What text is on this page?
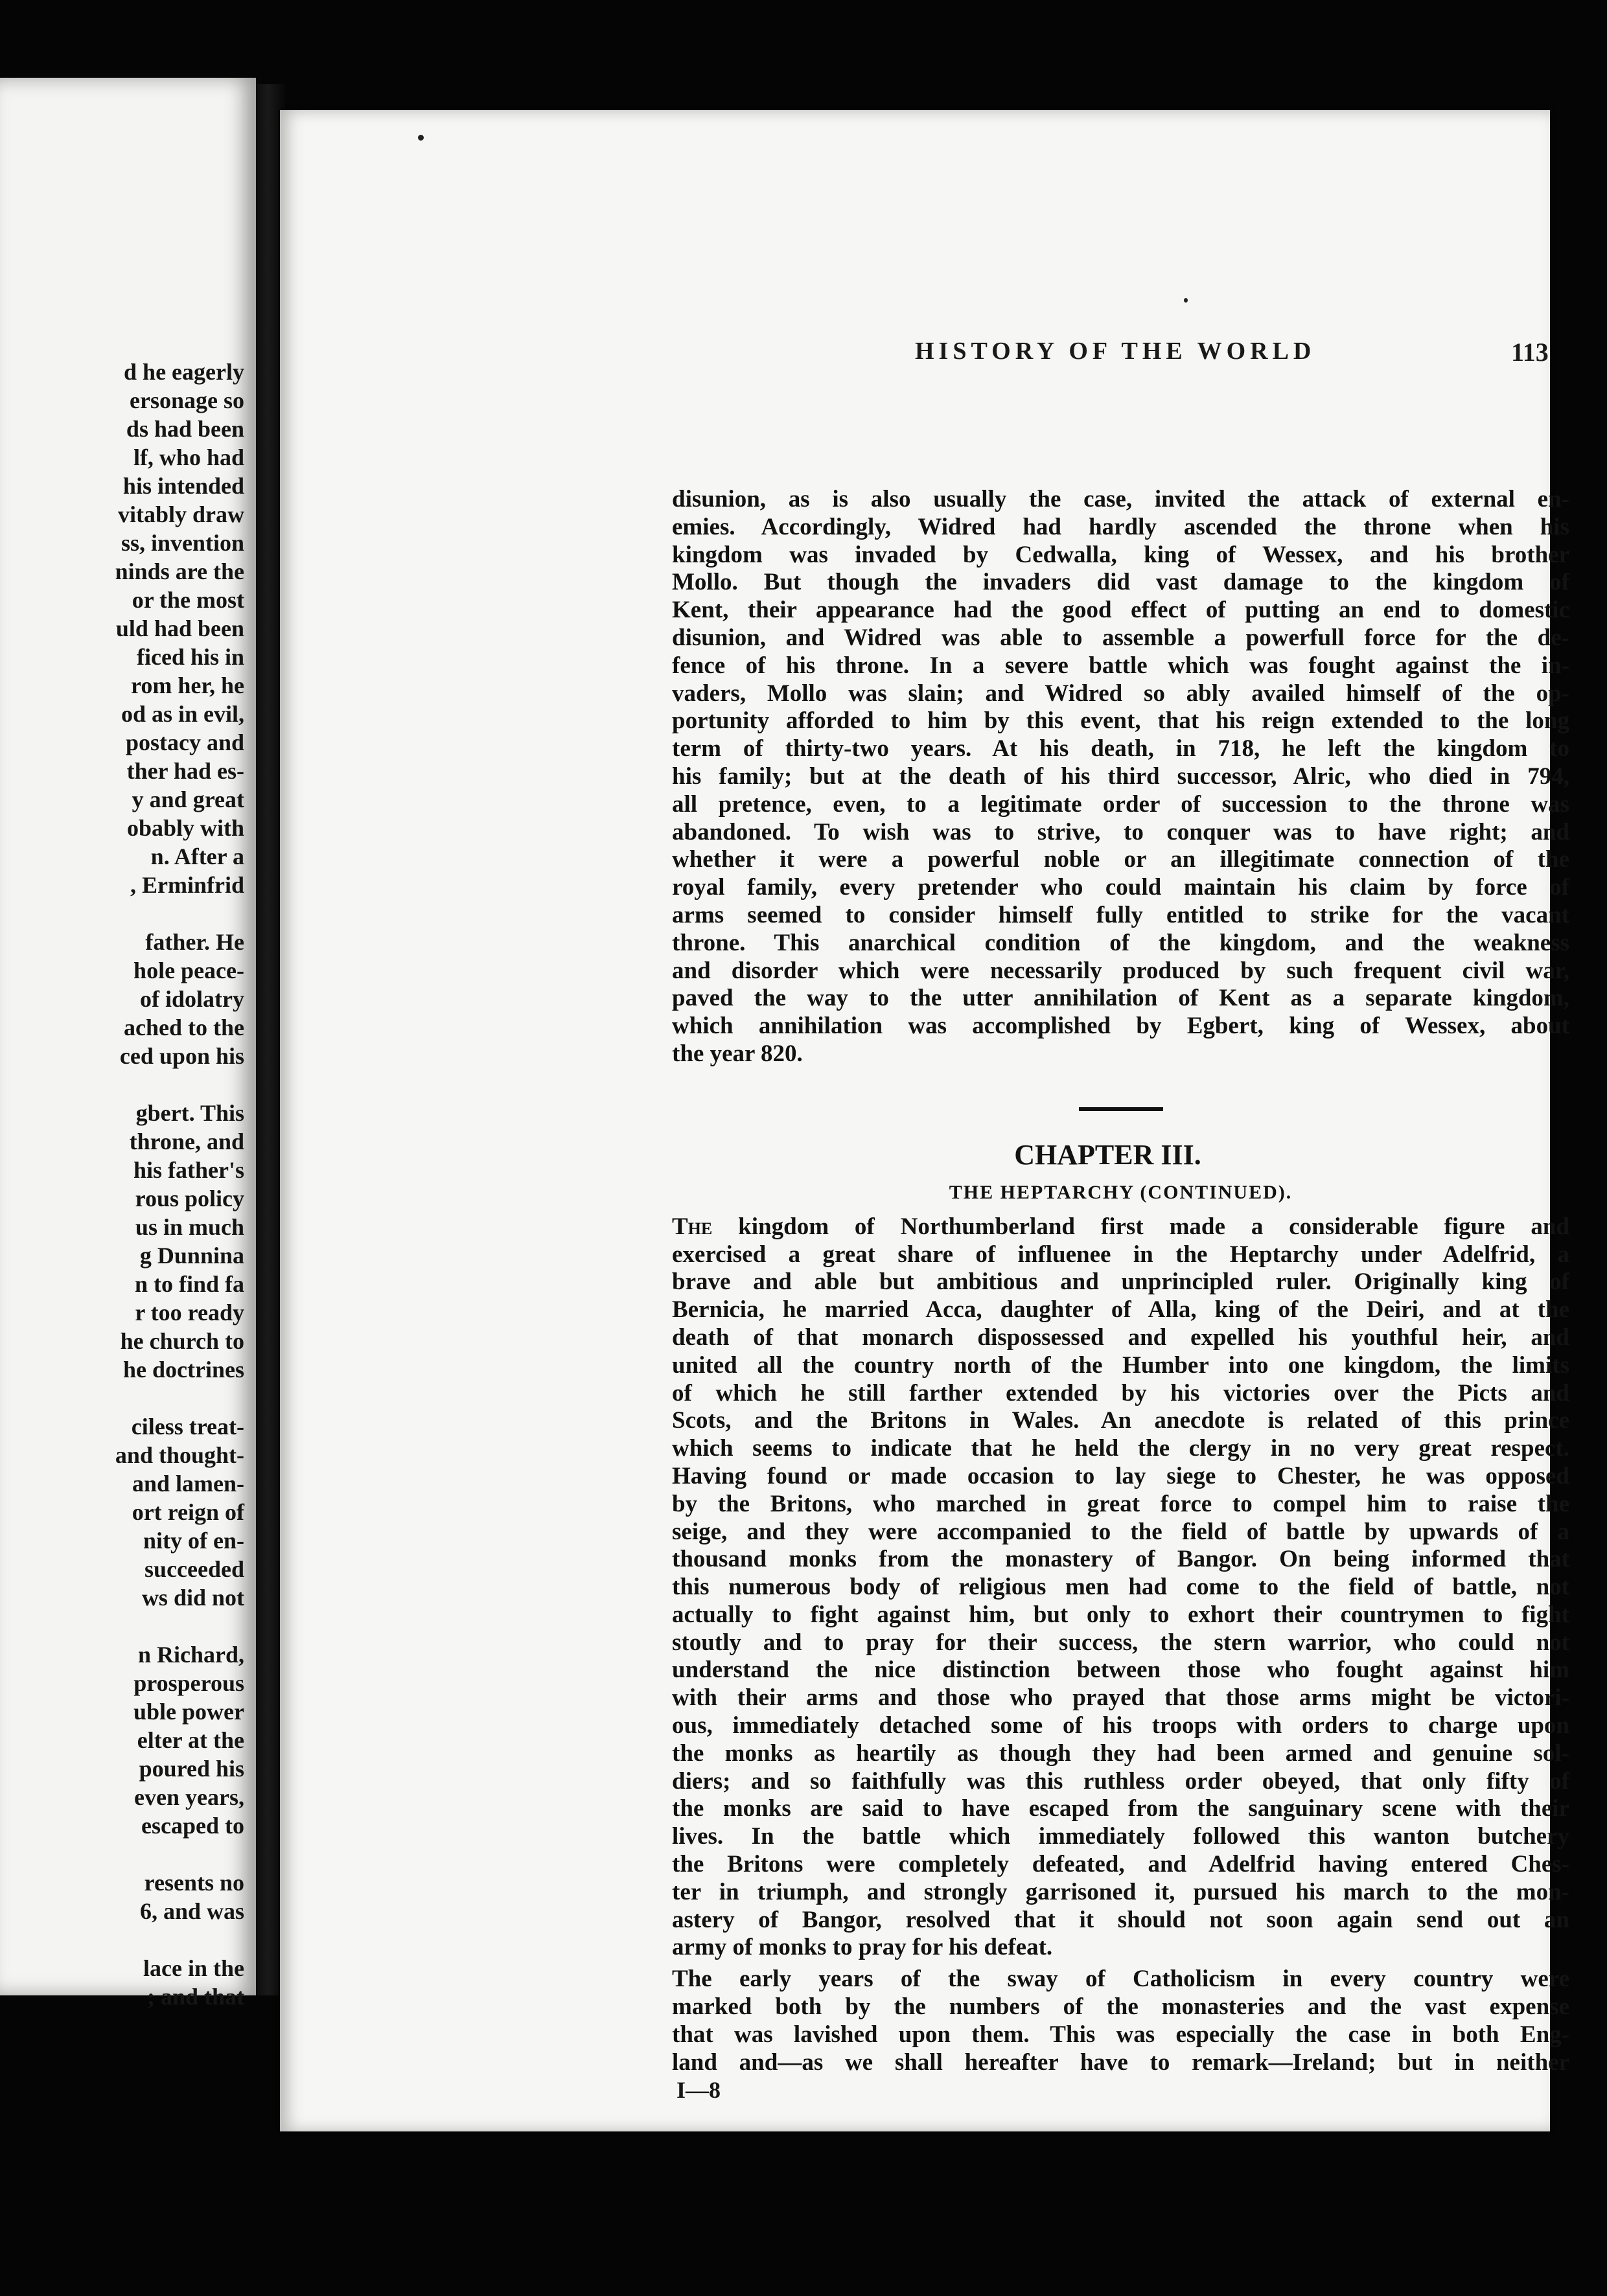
d he eagerly
ersonage so
ds had been
lf, who had
his intended
vitably draw
ss, invention
ninds are the
or the most
uld had been
ficed his in
rom her, he
od as in evil,
postacy and
ther had es-
y and great
obably with
n. After a
, Erminfrid
father. He
hole peace-
of idolatry
ached to the
ced upon his
gbert. This
throne, and
his father's
rous policy
us in much
g Dunnina
n to find fa
r too ready
he church to
he doctrines
ciless treat-
and thought-
and lamen-
ort reign of
nity of en-
succeeded
ws did not
n Richard,
prosperous
uble power
elter at the
poured his
even years,
escaped to
resents no
6, and was
lace in the
; and that
HISTORY OF THE WORLD	113
disunion, as is also usually the case, invited the attack of external en-
emies. Accordingly, Widred had hardly ascended the throne when his
kingdom was invaded by Cedwalla, king of Wessex, and his brother
Mollo. But though the invaders did vast damage to the kingdom of
Kent, their appearance had the good effect of putting an end to domestic
disunion, and Widred was able to assemble a powerfull force for the de-
fence of his throne. In a severe battle which was fought against the in-
vaders, Mollo was slain; and Widred so ably availed himself of the op-
portunity afforded to him by this event, that his reign extended to the long
term of thirty-two years. At his death, in 718, he left the kingdom to
his family; but at the death of his third successor, Alric, who died in 794,
all pretence, even, to a legitimate order of succession to the throne was
abandoned. To wish was to strive, to conquer was to have right; and
whether it were a powerful noble or an illegitimate connection of the
royal family, every pretender who could maintain his claim by force of
arms seemed to consider himself fully entitled to strike for the vacant
throne. This anarchical condition of the kingdom, and the weakness
and disorder which were necessarily produced by such frequent civil war,
paved the way to the utter annihilation of Kent as a separate kingdom,
which annihilation was accomplished by Egbert, king of Wessex, about
the year 820.
CHAPTER III.
THE HEPTARCHY (CONTINUED).
The kingdom of Northumberland first made a considerable figure and
exercised a great share of influenee in the Heptarchy under Adelfrid, a
brave and able but ambitious and unprincipled ruler. Originally king of
Bernicia, he married Acca, daughter of Alla, king of the Deiri, and at the
death of that monarch dispossessed and expelled his youthful heir, and
united all the country north of the Humber into one kingdom, the limits
of which he still farther extended by his victories over the Picts and
Scots, and the Britons in Wales. An anecdote is related of this prince
which seems to indicate that he held the clergy in no very great respect.
Having found or made occasion to lay siege to Chester, he was opposed
by the Britons, who marched in great force to compel him to raise the
seige, and they were accompanied to the field of battle by upwards of a
thousand monks from the monastery of Bangor. On being informed that
this numerous body of religious men had come to the field of battle, not
actually to fight against him, but only to exhort their countrymen to fight
stoutly and to pray for their success, the stern warrior, who could not
understand the nice distinction between those who fought against him
with their arms and those who prayed that those arms might be victori-
ous, immediately detached some of his troops with orders to charge upon
the monks as heartily as though they had been armed and genuine sol-
diers; and so faithfully was this ruthless order obeyed, that only fifty of
the monks are said to have escaped from the sanguinary scene with their
lives. In the battle which immediately followed this wanton butchery
the Britons were completely defeated, and Adelfrid having entered Ches-
ter in triumph, and strongly garrisoned it, pursued his march to the mon-
astery of Bangor, resolved that it should not soon again send out an
army of monks to pray for his defeat.
The early years of the sway of Catholicism in every country were
marked both by the numbers of the monasteries and the vast expense
that was lavished upon them. This was especially the case in both Eng-
land and—as we shall hereafter have to remark—Ireland; but in neither
I—8
